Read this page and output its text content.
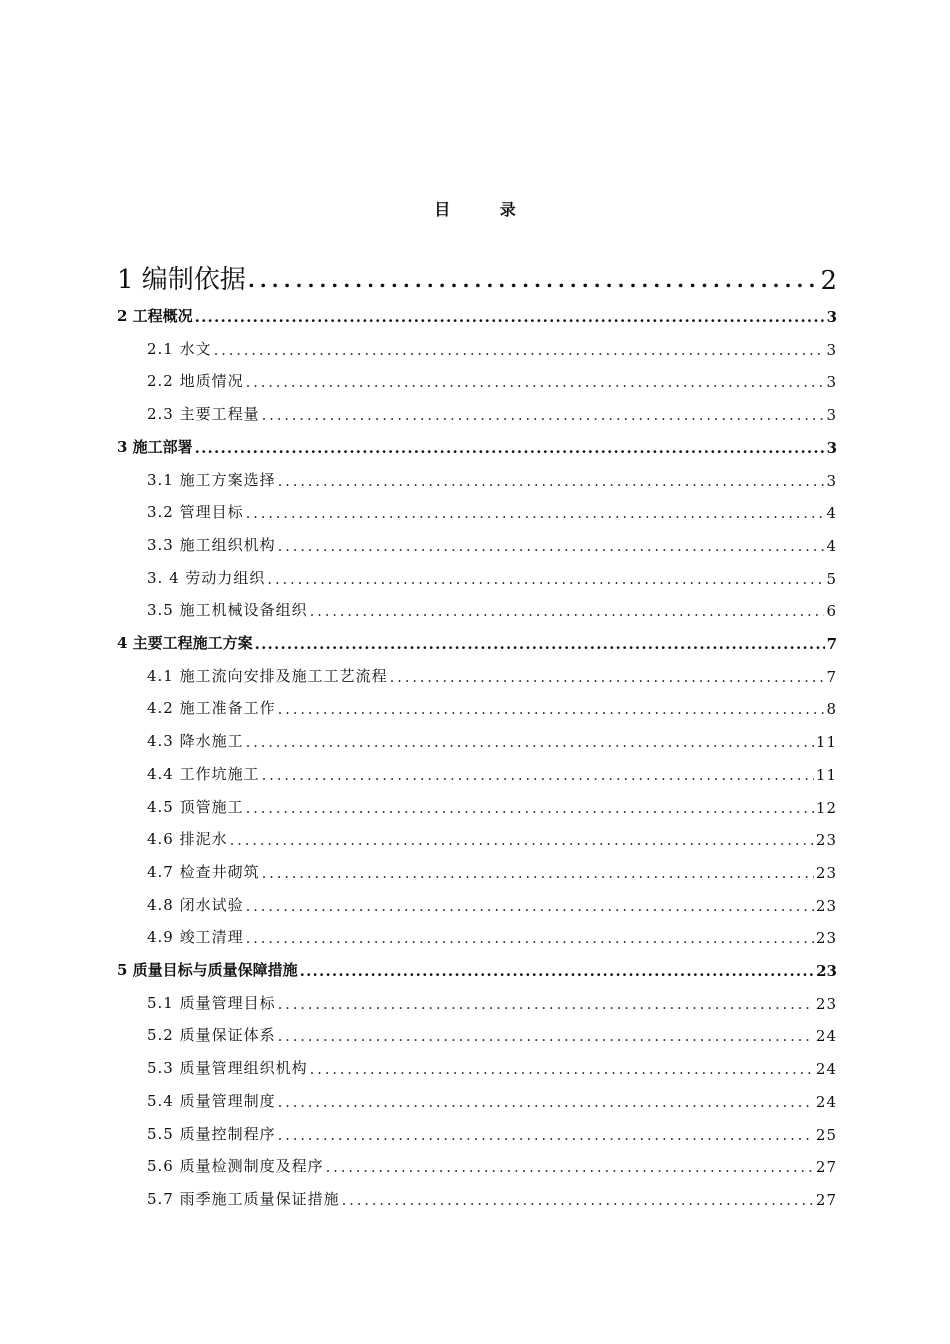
目 录
1 编制依据 . . .	2
2 工程概况 . . .	3
2.1 水文 . . .	3
2.2 地质情况 . . .	3
2.3 主要工程量 . . .	3
3 施工部署 . . .	3
3.1 施工方案选择 . . .	3
3.2 管理目标 . . .	4
3.3 施工组织机构 . . .	4
3. 4 劳动力组织 . . .	5
3.5 施工机械设备组织 . . .	6
4 主要工程施工方案 . . .	7
4.1 施工流向安排及施工工艺流程 . . .	7
4.2 施工准备工作 . . .	8
4.3 降水施工 . . .	11
4.4 工作坑施工 . . .	11
4.5 顶管施工 . . .	12
4.6 排泥水 . . .	23
4.7 检查井砌筑 . . .	23
4.8 闭水试验 . . .	23
4.9 竣工清理 . . .	23
5 质量目标与质量保障措施 . . .	23
5.1 质量管理目标 . . .	23
5.2 质量保证体系 . . .	24
5.3 质量管理组织机构 . . .	24
5.4 质量管理制度 . . .	24
5.5 质量控制程序 . . .	25
5.6 质量检测制度及程序 . . .	27
5.7 雨季施工质量保证措施 . . .	27
